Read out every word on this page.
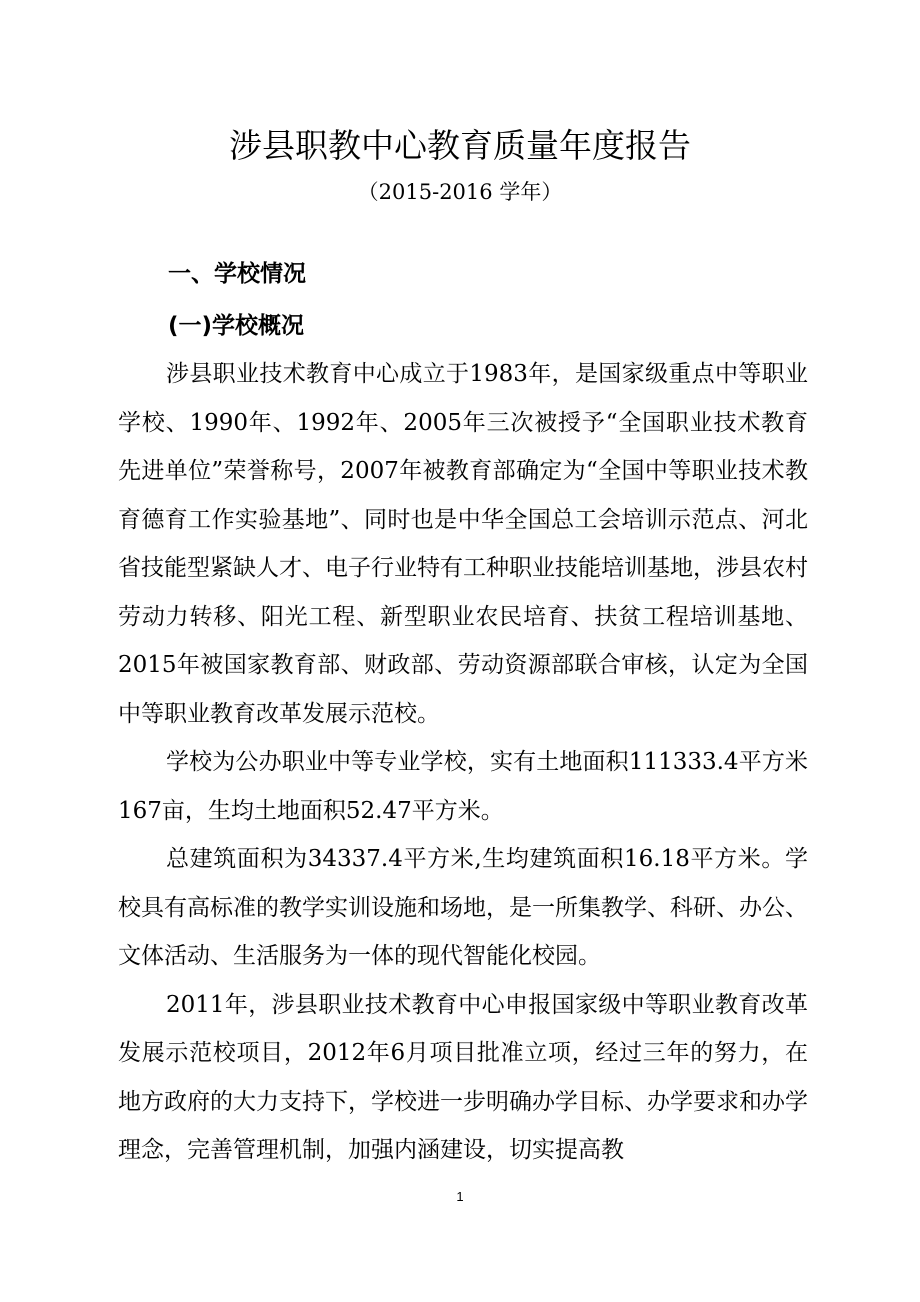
涉县职教中心教育质量年度报告
（2015-2016 学年）
一、学校情况
(一)学校概况

涉县职业技术教育中心成立于1983年，是国家级重点中等职业学校、1990年、1992年、2005年三次被授予“全国职业技术教育先进单位”荣誉称号，2007年被教育部确定为“全国中等职业技术教育德育工作实验基地”、同时也是中华全国总工会培训示范点、河北省技能型紧缺人才、电子行业特有工种职业技能培训基地，涉县农村劳动力转移、阳光工程、新型职业农民培育、扶贫工程培训基地、2015年被国家教育部、财政部、劳动资源部联合审核，认定为全国中等职业教育改革发展示范校。

学校为公办职业中等专业学校，实有土地面积111333.4平方米167亩，生均土地面积52.47平方米。

总建筑面积为34337.4平方米,生均建筑面积16.18平方米。学校具有高标准的教学实训设施和场地，是一所集教学、科研、办公、文体活动、生活服务为一体的现代智能化校园。

2011年，涉县职业技术教育中心申报国家级中等职业教育改革发展示范校项目，2012年6月项目批准立项，经过三年的努力，在地方政府的大力支持下，学校进一步明确办学目标、办学要求和办学理念，完善管理机制，加强内涵建设，切实提高教

1
